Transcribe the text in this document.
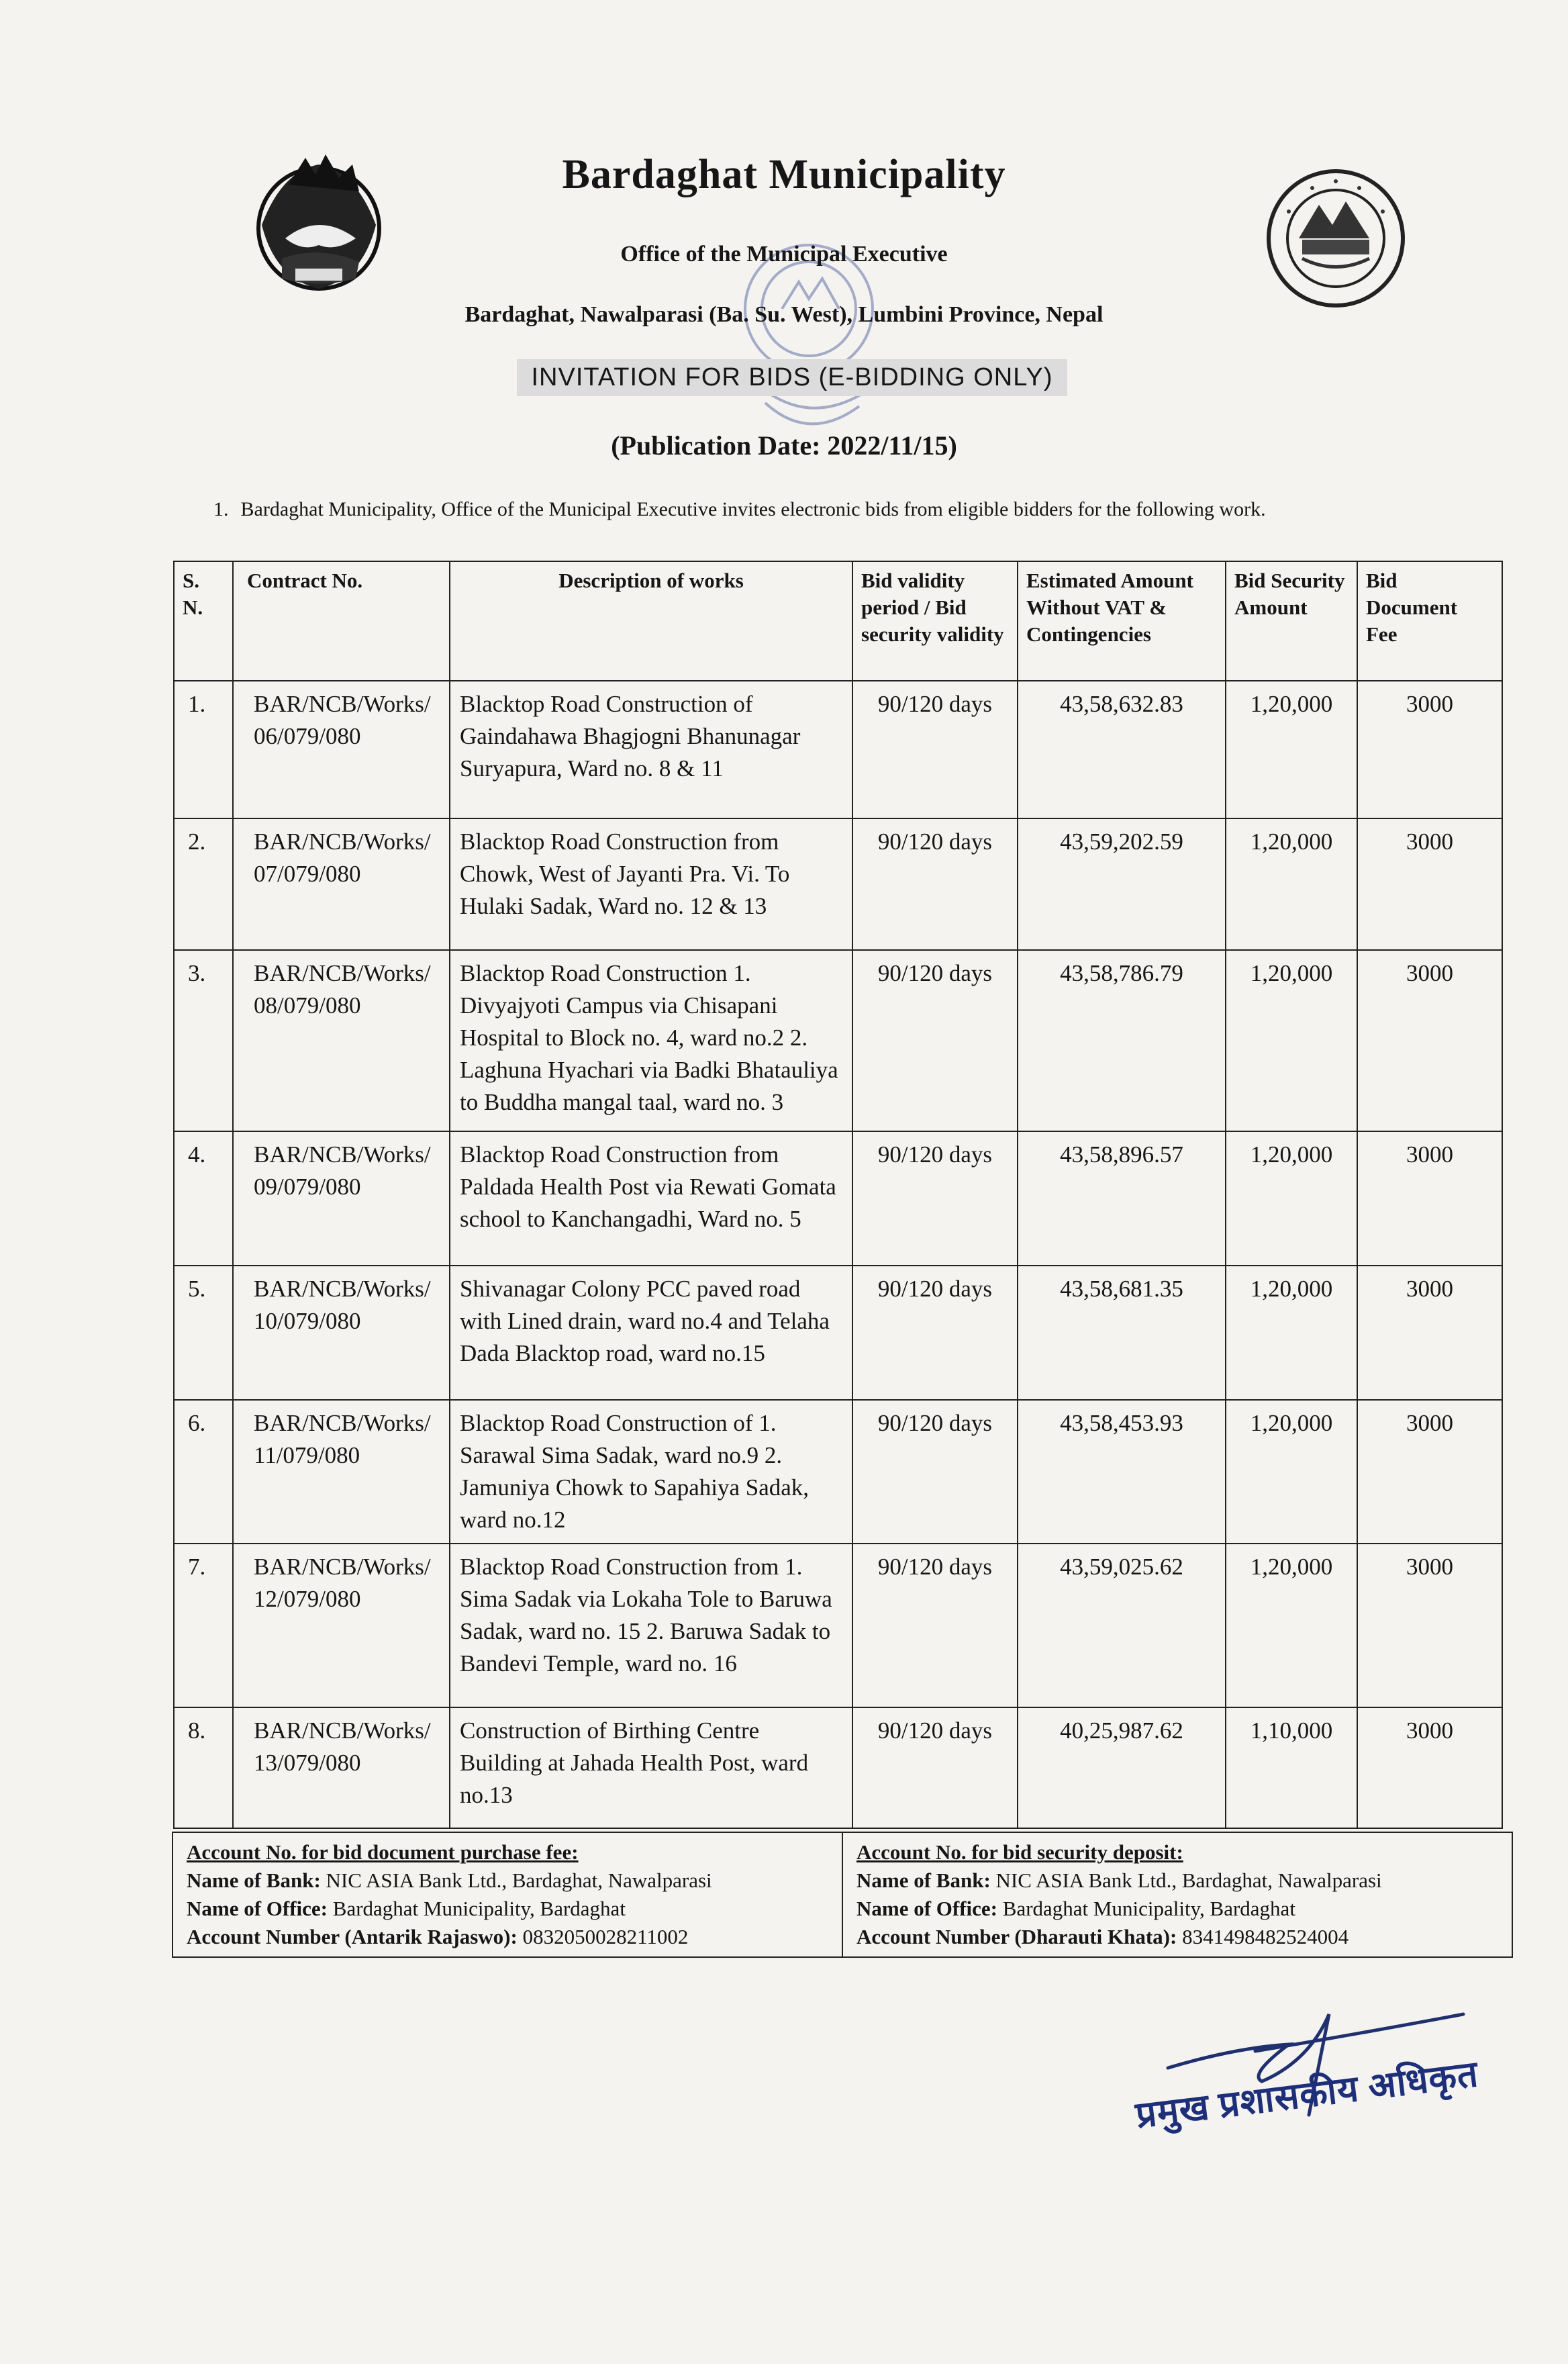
Bardaghat Municipality
Office of the Municipal Executive
Bardaghat, Nawalparasi (Ba. Su. West), Lumbini Province, Nepal
INVITATION FOR BIDS (E-BIDDING ONLY)
(Publication Date: 2022/11/15)
1. Bardaghat Municipality, Office of the Municipal Executive invites electronic bids from eligible bidders for the following work.
S. N.	Contract No.	Description of works	Bid validity period / Bid security validity	Estimated Amount Without VAT & Contingencies	Bid Security Amount	Bid Document Fee
1.	BAR/NCB/Works/06/079/080	Blacktop Road Construction of Gaindahawa Bhagjogni Bhanunagar Suryapura, Ward no. 8 & 11	90/120 days	43,58,632.83	1,20,000	3000
2.	BAR/NCB/Works/07/079/080	Blacktop Road Construction from Chowk, West of Jayanti Pra. Vi. To Hulaki Sadak, Ward no. 12 & 13	90/120 days	43,59,202.59	1,20,000	3000
3.	BAR/NCB/Works/08/079/080	Blacktop Road Construction 1. Divyajyoti Campus via Chisapani Hospital to Block no. 4, ward no.2 2. Laghuna Hyachari via Badki Bhatauliya to Buddha mangal taal, ward no. 3	90/120 days	43,58,786.79	1,20,000	3000
4.	BAR/NCB/Works/09/079/080	Blacktop Road Construction from Paldada Health Post via Rewati Gomata school to Kanchangadhi, Ward no. 5	90/120 days	43,58,896.57	1,20,000	3000
5.	BAR/NCB/Works/10/079/080	Shivanagar Colony PCC paved road with Lined drain, ward no.4 and Telaha Dada Blacktop road, ward no.15	90/120 days	43,58,681.35	1,20,000	3000
6.	BAR/NCB/Works/11/079/080	Blacktop Road Construction of 1. Sarawal Sima Sadak, ward no.9 2. Jamuniya Chowk to Sapahiya Sadak, ward no.12	90/120 days	43,58,453.93	1,20,000	3000
7.	BAR/NCB/Works/12/079/080	Blacktop Road Construction from 1. Sima Sadak via Lokaha Tole to Baruwa Sadak, ward no. 15 2. Baruwa Sadak to Bandevi Temple, ward no. 16	90/120 days	43,59,025.62	1,20,000	3000
8.	BAR/NCB/Works/13/079/080	Construction of Birthing Centre Building at Jahada Health Post, ward no.13	90/120 days	40,25,987.62	1,10,000	3000
Account No. for bid document purchase fee:
Name of Bank: NIC ASIA Bank Ltd., Bardaghat, Nawalparasi
Name of Office: Bardaghat Municipality, Bardaghat
Account Number (Antarik Rajaswo): 0832050028211002

Account No. for bid security deposit:
Name of Bank: NIC ASIA Bank Ltd., Bardaghat, Nawalparasi
Name of Office: Bardaghat Municipality, Bardaghat
Account Number (Dharauti Khata): 8341498482524004
प्रमुख प्रशासकीय अधिकृत
